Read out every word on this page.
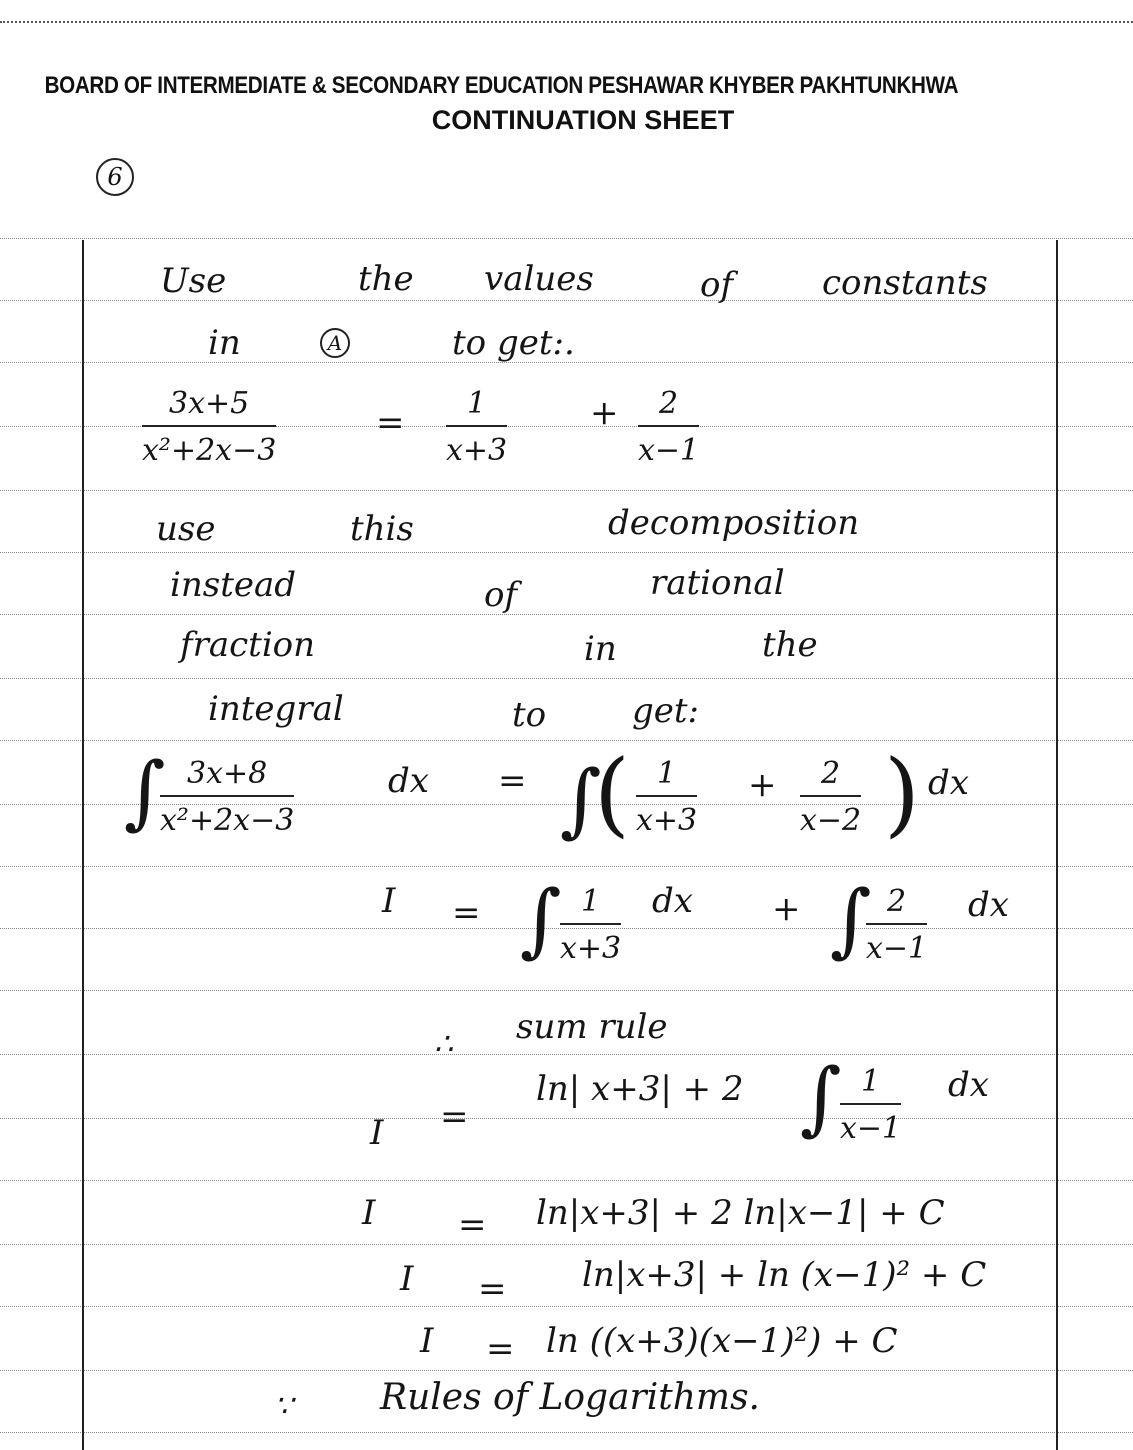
BOARD OF INTERMEDIATE & SECONDARY EDUCATION PESHAWAR KHYBER PAKHTUNKHWA
CONTINUATION SHEET
6
Use	the values	of	constants
in	A	to get:.
$\frac{3x+5}{\text{x²+2x−3}}$	= $\frac{1}{x+3} + \frac{2}{x-1}$
use	this	decomposition
instead	of	rational
fraction	in	the
integral	to	get:
∫
$\frac{3x+8}{\text{x²+2x−3}}$	dx = ∫
( $\frac{1}{x+3} + \frac{2}{x-2}$ ) dx
I = ∫
$\frac{1}{x+3}$ dx + ∫
$\frac{2}{x-1}$ dx
∴ sum rule
I =
ln| x+3| + 2 ∫
$\frac{1}{x-1}$ dx
I = ln|x+3| + 2 ln|x−1| + C
I = ln|x+3| + ln (x−1)² + C
I = ln ((x+3)(x−1)²) + C
∵ Rules of Logarithms.
